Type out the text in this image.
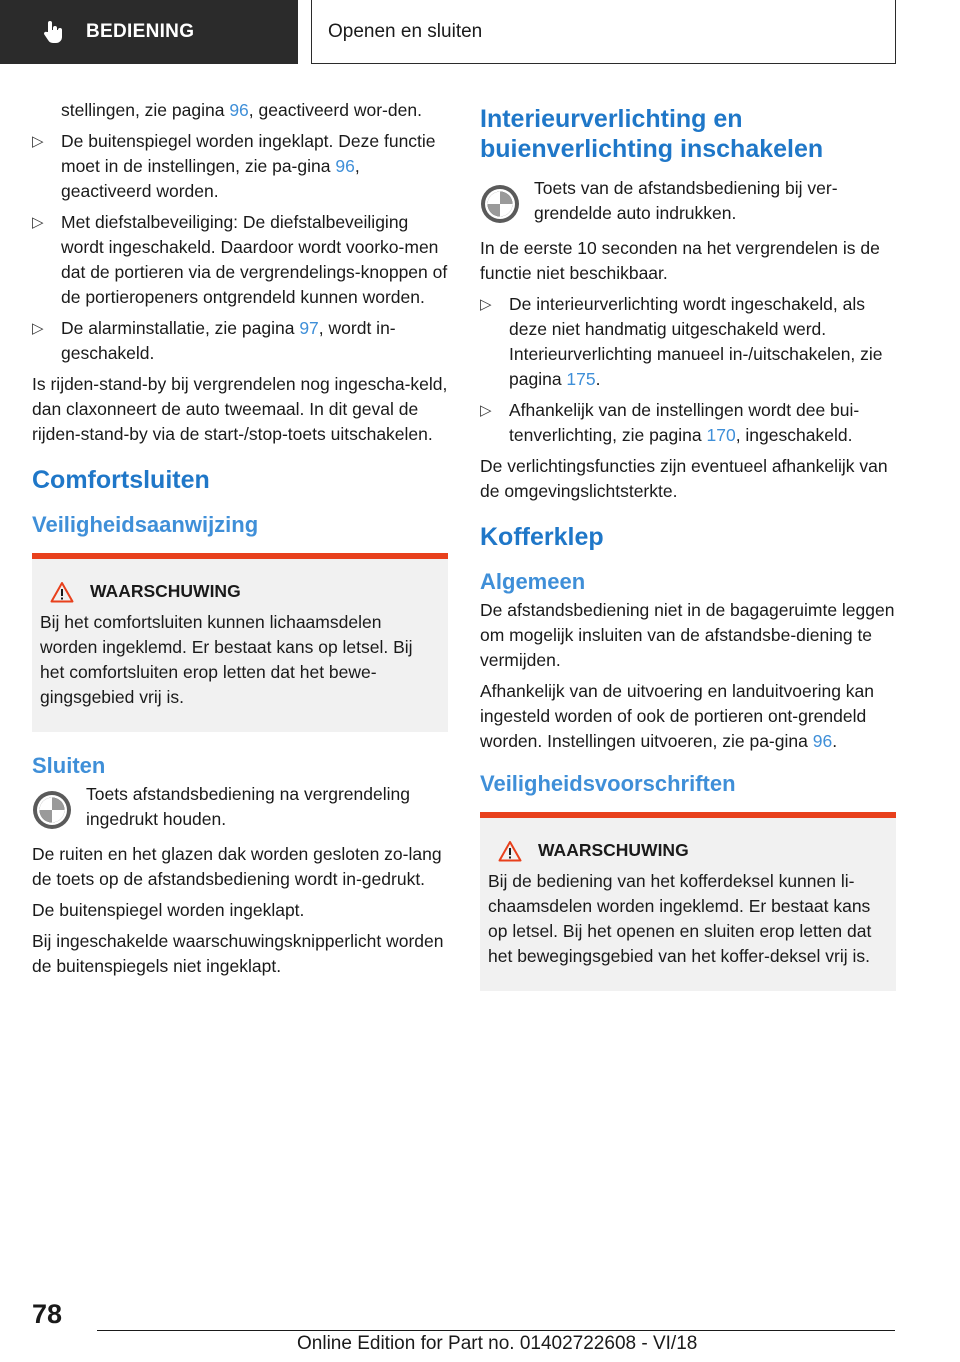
BEDIENING	Openen en sluiten

stellingen, zie pagina 96, geactiveerd wor-den.

▷ De buitenspiegel worden ingeklapt. Deze functie moet in de instellingen, zie pa-gina 96, geactiveerd worden.
▷ Met diefstalbeveiliging: De diefstalbeveiliging wordt ingeschakeld. Daardoor wordt voorko-men dat de portieren via de vergrendelings-knoppen of de portieropeners ontgrendeld kunnen worden.
▷ De alarminstallatie, zie pagina 97, wordt in-geschakeld.

Is rijden-stand-by bij vergrendelen nog ingescha-keld, dan claxonneert de auto tweemaal. In dit geval de rijden-stand-by via de start-/stop-toets uitschakelen.

Comfortsluiten
Veiligheidsaanwijzing
WAARSCHUWING

Bij het comfortsluiten kunnen lichaamsdelen worden ingeklemd. Er bestaat kans op letsel. Bij het comfortsluiten erop letten dat het bewe-gingsgebied vrij is.

Sluiten
Toets afstandsbediening na vergrendeling ingedrukt houden.

De ruiten en het glazen dak worden gesloten zo-lang de toets op de afstandsbediening wordt in-gedrukt.

De buitenspiegel worden ingeklapt.

Bij ingeschakelde waarschuwingsknipperlicht worden de buitenspiegels niet ingeklapt.

Interieurverlichting en buienverlichting inschakelen
Toets van de afstandsbediening bij ver-grendelde auto indrukken.

In de eerste 10 seconden na het vergrendelen is de functie niet beschikbaar.

▷ De interieurverlichting wordt ingeschakeld, als deze niet handmatig uitgeschakeld werd. Interieurverlichting manueel in-/uitschakelen, zie pagina 175.
▷ Afhankelijk van de instellingen wordt dee bui-tenverlichting, zie pagina 170, ingeschakeld.

De verlichtingsfuncties zijn eventueel afhankelijk van de omgevingslichtsterkte.

Kofferklep
Algemeen

De afstandsbediening niet in de bagageruimte leggen om mogelijk insluiten van de afstandsbe-diening te vermijden.

Afhankelijk van de uitvoering en landuitvoering kan ingesteld worden of ook de portieren ont-grendeld worden. Instellingen uitvoeren, zie pa-gina 96.

Veiligheidsvoorschriften
WAARSCHUWING

Bij de bediening van het kofferdeksel kunnen li-chaamsdelen worden ingeklemd. Er bestaat kans op letsel. Bij het openen en sluiten erop letten dat het bewegingsgebied van het koffer-deksel vrij is.

78
Online Edition for Part no. 01402722608 - VI/18
